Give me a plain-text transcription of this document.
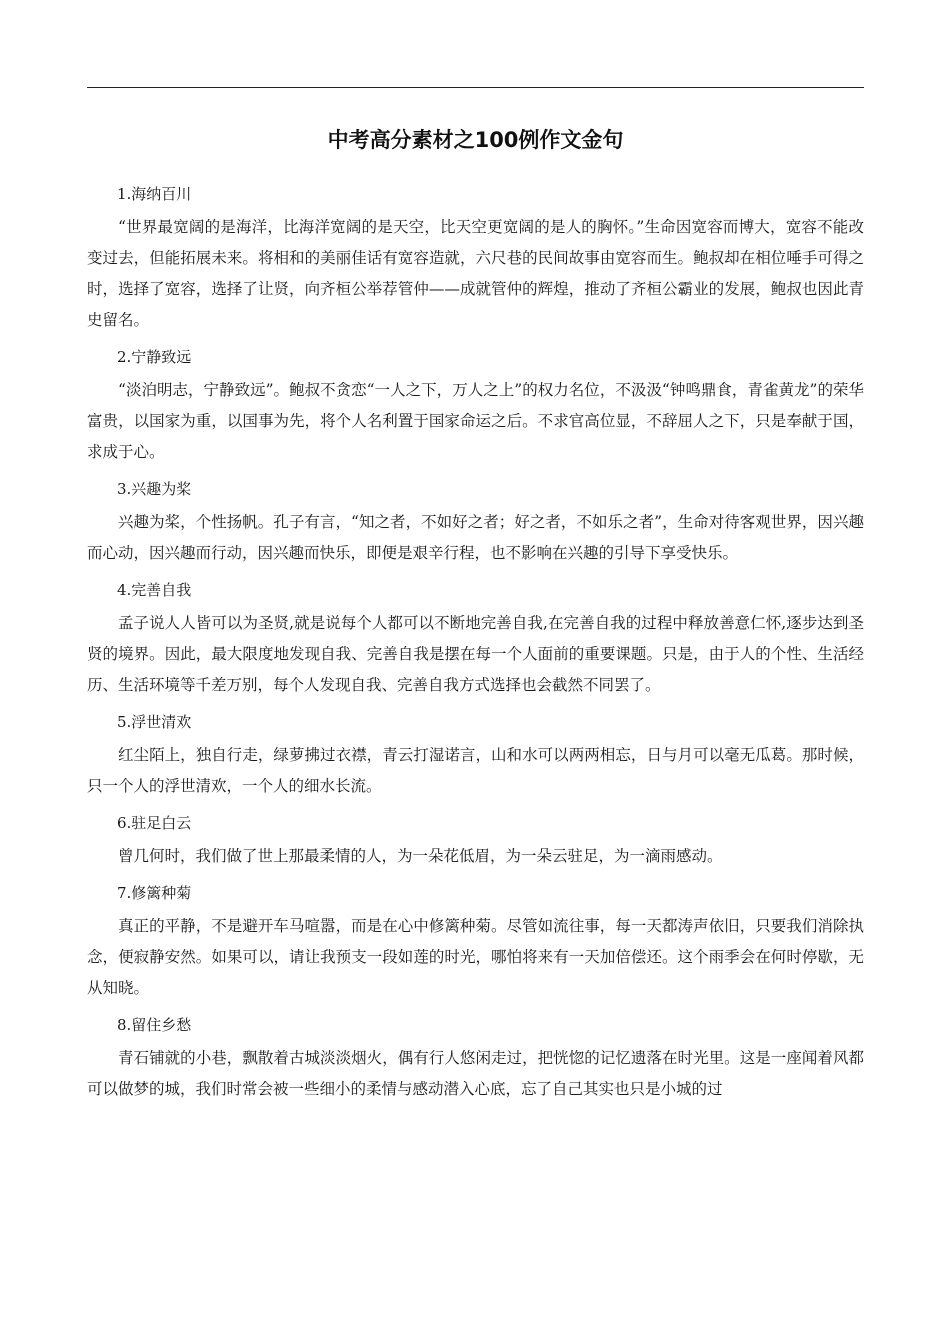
中考高分素材之100例作文金句

1.海纳百川

“世界最宽阔的是海洋，比海洋宽阔的是天空，比天空更宽阔的是人的胸怀。”生命因宽容而博大，宽容不能改变过去，但能拓展未来。将相和的美丽佳话有宽容造就，六尺巷的民间故事由宽容而生。鲍叔却在相位唾手可得之时，选择了宽容，选择了让贤，向齐桓公举荐管仲——成就管仲的辉煌，推动了齐桓公霸业的发展，鲍叔也因此青史留名。

2.宁静致远

“淡泊明志，宁静致远”。鲍叔不贪恋“一人之下，万人之上”的权力名位，不汲汲“钟鸣鼎食，青雀黄龙”的荣华富贵，以国家为重，以国事为先，将个人名利置于国家命运之后。不求官高位显，不辞屈人之下，只是奉献于国，求成于心。

3.兴趣为桨

兴趣为桨，个性扬帆。孔子有言，“知之者，不如好之者；好之者，不如乐之者”，生命对待客观世界，因兴趣而心动，因兴趣而行动，因兴趣而快乐，即便是艰辛行程，也不影响在兴趣的引导下享受快乐。

4.完善自我

孟子说人人皆可以为圣贤,就是说每个人都可以不断地完善自我,在完善自我的过程中释放善意仁怀,逐步达到圣贤的境界。因此，最大限度地发现自我、完善自我是摆在每一个人面前的重要课题。只是，由于人的个性、生活经历、生活环境等千差万别，每个人发现自我、完善自我方式选择也会截然不同罢了。

5.浮世清欢

红尘陌上，独自行走，绿萝拂过衣襟，青云打湿诺言，山和水可以两两相忘，日与月可以毫无瓜葛。那时候，只一个人的浮世清欢，一个人的细水长流。

6.驻足白云

曾几何时，我们做了世上那最柔情的人，为一朵花低眉，为一朵云驻足，为一滴雨感动。

7.修篱种菊

真正的平静，不是避开车马喧嚣，而是在心中修篱种菊。尽管如流往事，每一天都涛声依旧，只要我们消除执念，便寂静安然。如果可以，请让我预支一段如莲的时光，哪怕将来有一天加倍偿还。这个雨季会在何时停歇，无从知晓。

8.留住乡愁

青石铺就的小巷，飘散着古城淡淡烟火，偶有行人悠闲走过，把恍惚的记忆遗落在时光里。这是一座闻着风都可以做梦的城，我们时常会被一些细小的柔情与感动潜入心底，忘了自己其实也只是小城的过
